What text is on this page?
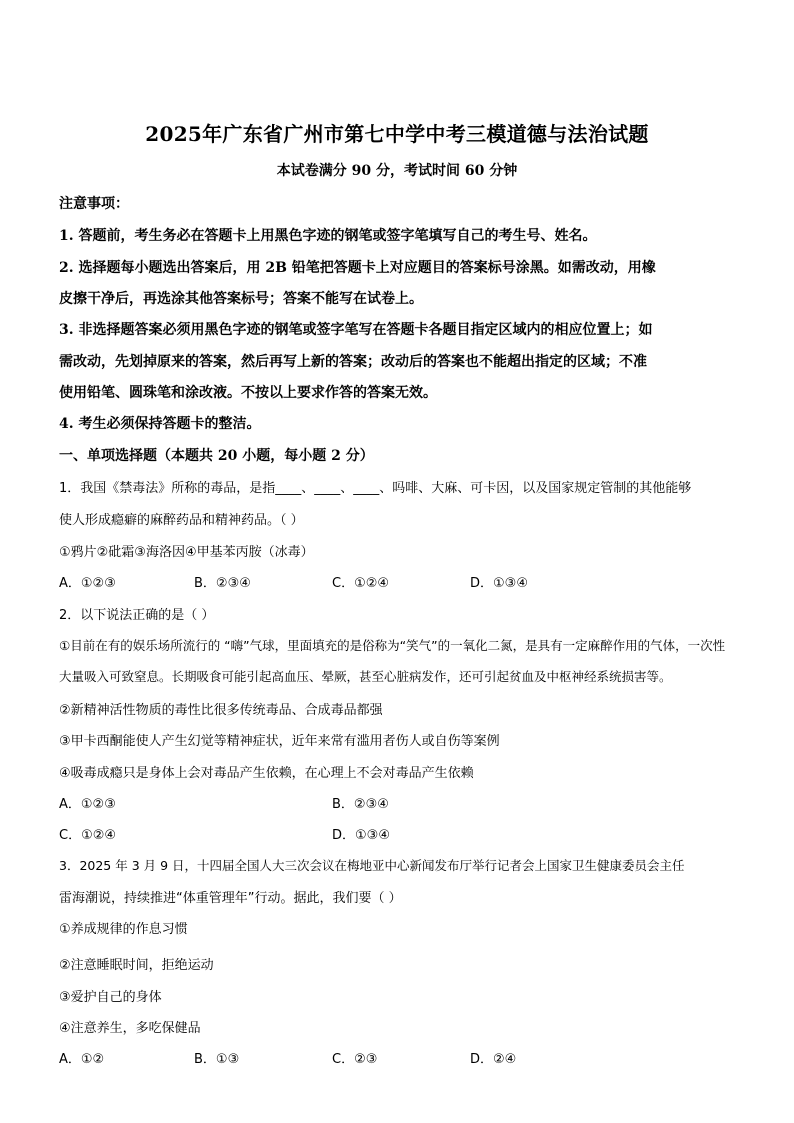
2025年广东省广州市第七中学中考三模道德与法治试题
本试卷满分 90 分，考试时间 60 分钟
注意事项：
1. 答题前，考生务必在答题卡上用黑色字迹的钢笔或签字笔填写自己的考生号、姓名。
2. 选择题每小题选出答案后，用 2B 铅笔把答题卡上对应题目的答案标号涂黑。如需改动，用橡
皮擦干净后，再选涂其他答案标号；答案不能写在试卷上。
3. 非选择题答案必须用黑色字迹的钢笔或签字笔写在答题卡各题目指定区域内的相应位置上；如
需改动，先划掉原来的答案，然后再写上新的答案；改动后的答案也不能超出指定的区域；不准
使用铅笔、圆珠笔和涂改液。不按以上要求作答的答案无效。
4. 考生必须保持答题卡的整洁。
一、单项选择题（本题共 20 小题，每小题 2 分）
1．我国《禁毒法》所称的毒品，是指____、____、____、吗啡、大麻、可卡因，以及国家规定管制的其他能够
使人形成瘾癖的麻醉药品和精神药品。（ ）
①鸦片②砒霜③海洛因④甲基苯丙胺（冰毒）
A．①②③	B．②③④	C．①②④	D．①③④
2．以下说法正确的是（ ）
①目前在有的娱乐场所流行的 “嗨”气球，里面填充的是俗称为“笑气”的一氧化二氮，是具有一定麻醉作用的气体，一次性
大量吸入可致窒息。长期吸食可能引起高血压、晕厥，甚至心脏病发作，还可引起贫血及中枢神经系统损害等。
②新精神活性物质的毒性比很多传统毒品、合成毒品都强
③甲卡西酮能使人产生幻觉等精神症状，近年来常有滥用者伤人或自伤等案例
④吸毒成瘾只是身体上会对毒品产生依赖，在心理上不会对毒品产生依赖
A．①②③	B．②③④
C．①②④	D．①③④
3．2025 年 3 月 9 日，十四届全国人大三次会议在梅地亚中心新闻发布厅举行记者会上国家卫生健康委员会主任
雷海潮说，持续推进“体重管理年”行动。据此，我们要（ ）
①养成规律的作息习惯
②注意睡眠时间，拒绝运动
③爱护自己的身体
④注意养生，多吃保健品
A．①②	B．①③	C．②③	D．②④
